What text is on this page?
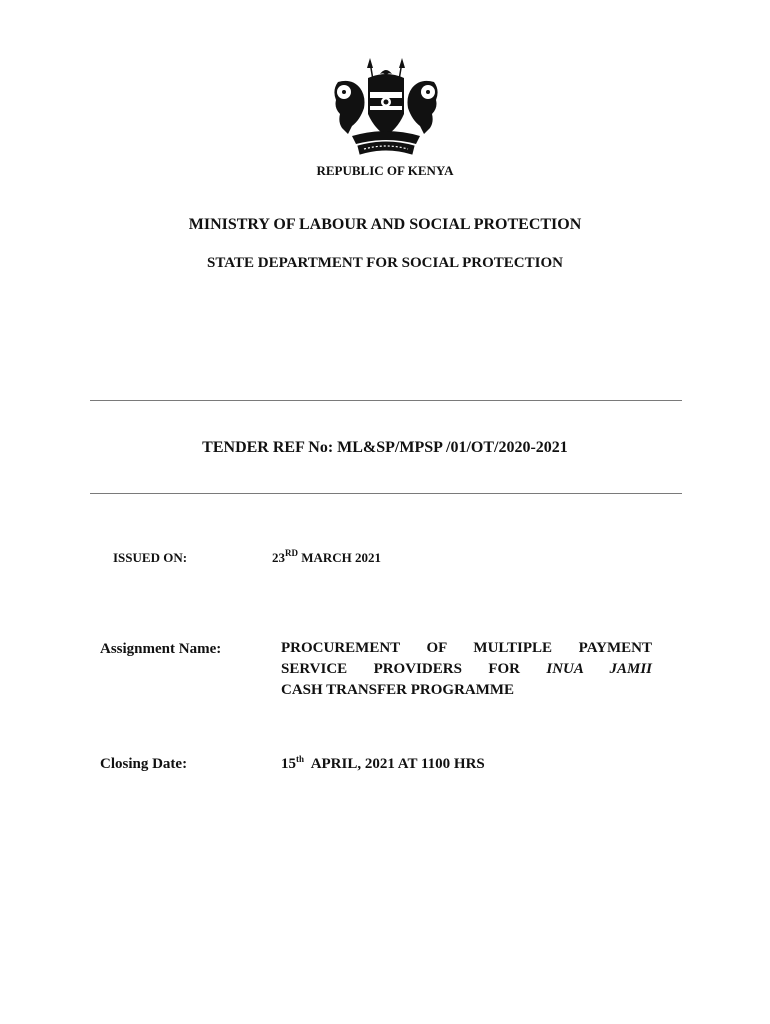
REPUBLIC OF KENYA
MINISTRY OF LABOUR AND SOCIAL PROTECTION
STATE DEPARTMENT FOR SOCIAL PROTECTION
TENDER REF No: ML&SP/MPSP /01/OT/2020-2021
ISSUED ON:	23RD MARCH 2021
Assignment Name:	PROCUREMENT OF MULTIPLE PAYMENT
SERVICE PROVIDERS FOR INUA JAMII
CASH TRANSFER PROGRAMME
Closing Date:	15th  APRIL, 2021 AT 1100 HRS
